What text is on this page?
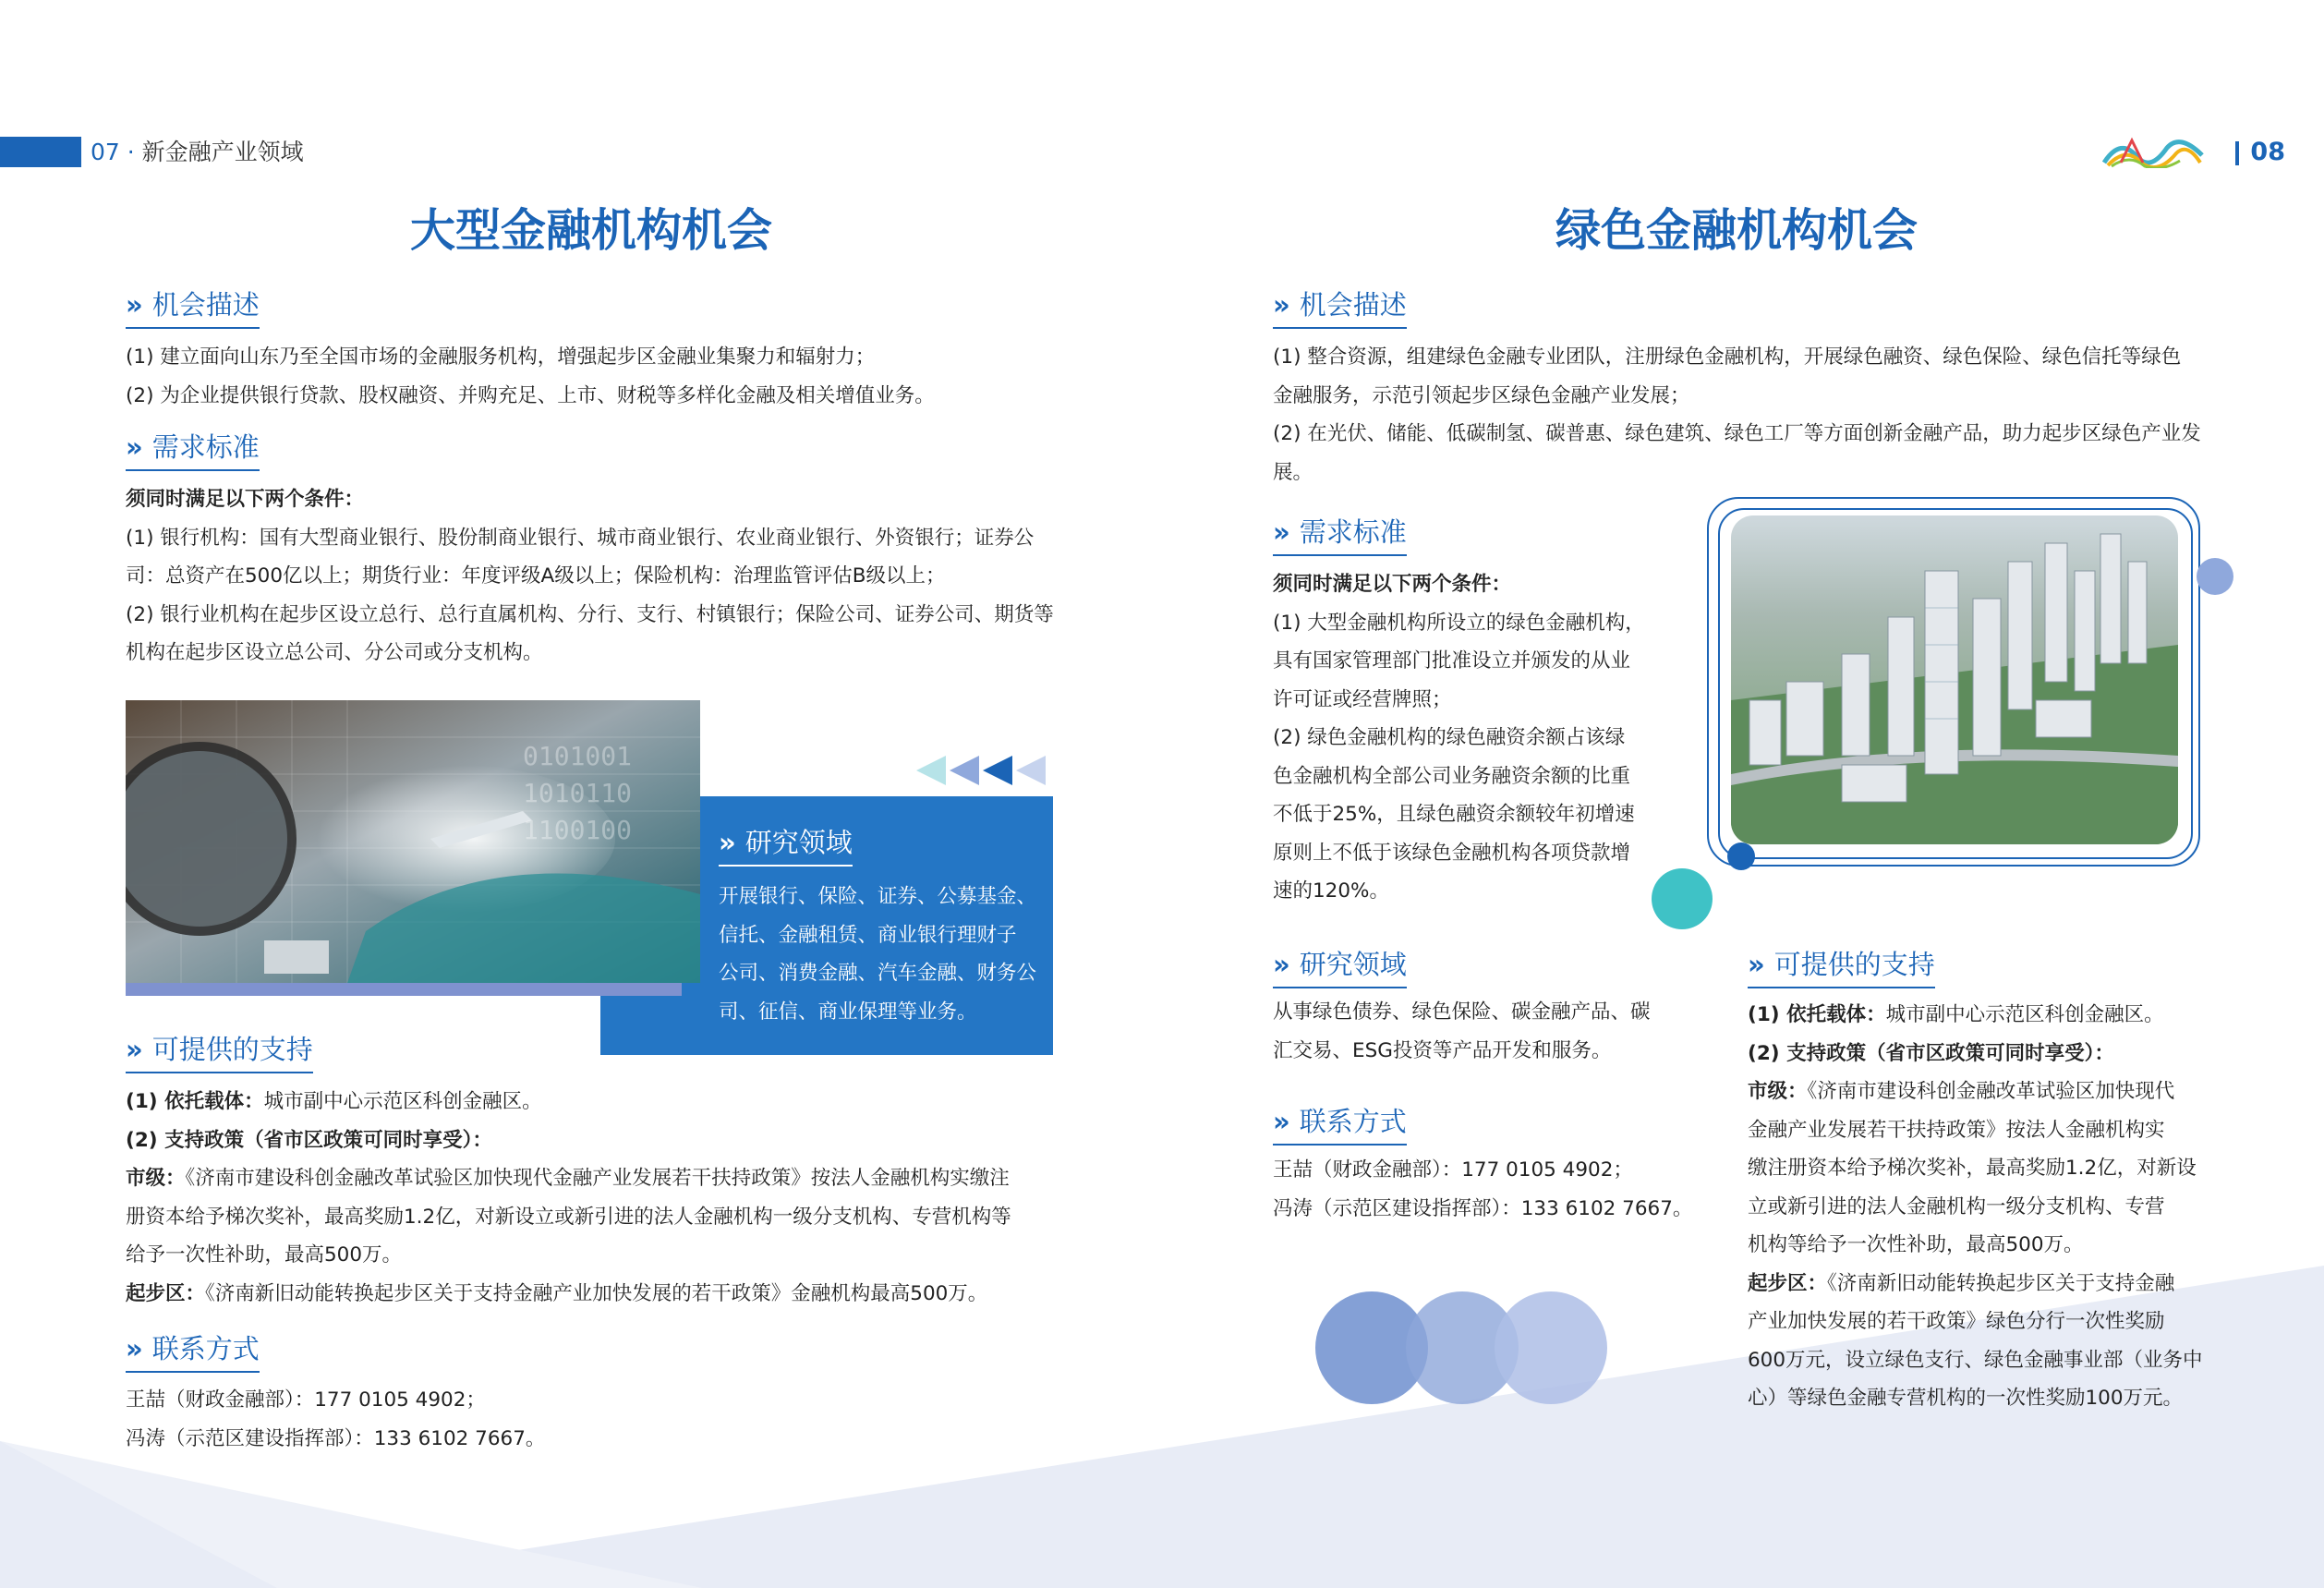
07 · 新金融产业领域	08
大型金融机构机会
» 机会描述

(1) 建立面向山东乃至全国市场的金融服务机构，增强起步区金融业集聚力和辐射力；

(2) 为企业提供银行贷款、股权融资、并购充足、上市、财税等多样化金融及相关增值业务。

» 需求标准

须同时满足以下两个条件：

(1) 银行机构：国有大型商业银行、股份制商业银行、城市商业银行、农业商业银行、外资银行；证券公

司：总资产在500亿以上；期货行业：年度评级A级以上；保险机构：治理监管评估B级以上；

(2) 银行业机构在起步区设立总行、总行直属机构、分行、支行、村镇银行；保险公司、证券公司、期货等

机构在起步区设立总公司、分公司或分支机构。

» 研究领域
开展银行、保险、证券、公募基金、
信托、金融租赁、商业银行理财子
公司、消费金融、汽车金融、财务公
司、征信、商业保理等业务。
0101001
1010110
1100100
» 可提供的支持

(1) 依托载体：城市副中心示范区科创金融区。

(2) 支持政策（省市区政策可同时享受）：

市级：《济南市建设科创金融改革试验区加快现代金融产业发展若干扶持政策》按法人金融机构实缴注

册资本给予梯次奖补，最高奖励1.2亿，对新设立或新引进的法人金融机构一级分支机构、专营机构等

给予一次性补助，最高500万。

起步区：《济南新旧动能转换起步区关于支持金融产业加快发展的若干政策》金融机构最高500万。

» 联系方式

王喆（财政金融部）：177 0105 4902；

冯涛（示范区建设指挥部）：133 6102 7667。

绿色金融机构机会
» 机会描述

(1) 整合资源，组建绿色金融专业团队，注册绿色金融机构，开展绿色融资、绿色保险、绿色信托等绿色

金融服务，示范引领起步区绿色金融产业发展；

(2) 在光伏、储能、低碳制氢、碳普惠、绿色建筑、绿色工厂等方面创新金融产品，助力起步区绿色产业发

展。

» 需求标准

须同时满足以下两个条件：

(1) 大型金融机构所设立的绿色金融机构，

具有国家管理部门批准设立并颁发的从业

许可证或经营牌照；

(2) 绿色金融机构的绿色融资余额占该绿

色金融机构全部公司业务融资余额的比重

不低于25%，且绿色融资余额较年初增速

原则上不低于该绿色金融机构各项贷款增

速的120%。

» 研究领域

从事绿色债券、绿色保险、碳金融产品、碳

汇交易、ESG投资等产品开发和服务。

» 联系方式

王喆（财政金融部）：177 0105 4902；

冯涛（示范区建设指挥部）：133 6102 7667。

» 可提供的支持

(1) 依托载体：城市副中心示范区科创金融区。

(2) 支持政策（省市区政策可同时享受）：

市级：《济南市建设科创金融改革试验区加快现代

金融产业发展若干扶持政策》按法人金融机构实

缴注册资本给予梯次奖补，最高奖励1.2亿，对新设

立或新引进的法人金融机构一级分支机构、专营

机构等给予一次性补助，最高500万。

起步区：《济南新旧动能转换起步区关于支持金融

产业加快发展的若干政策》绿色分行一次性奖励

600万元，设立绿色支行、绿色金融事业部（业务中

心）等绿色金融专营机构的一次性奖励100万元。
